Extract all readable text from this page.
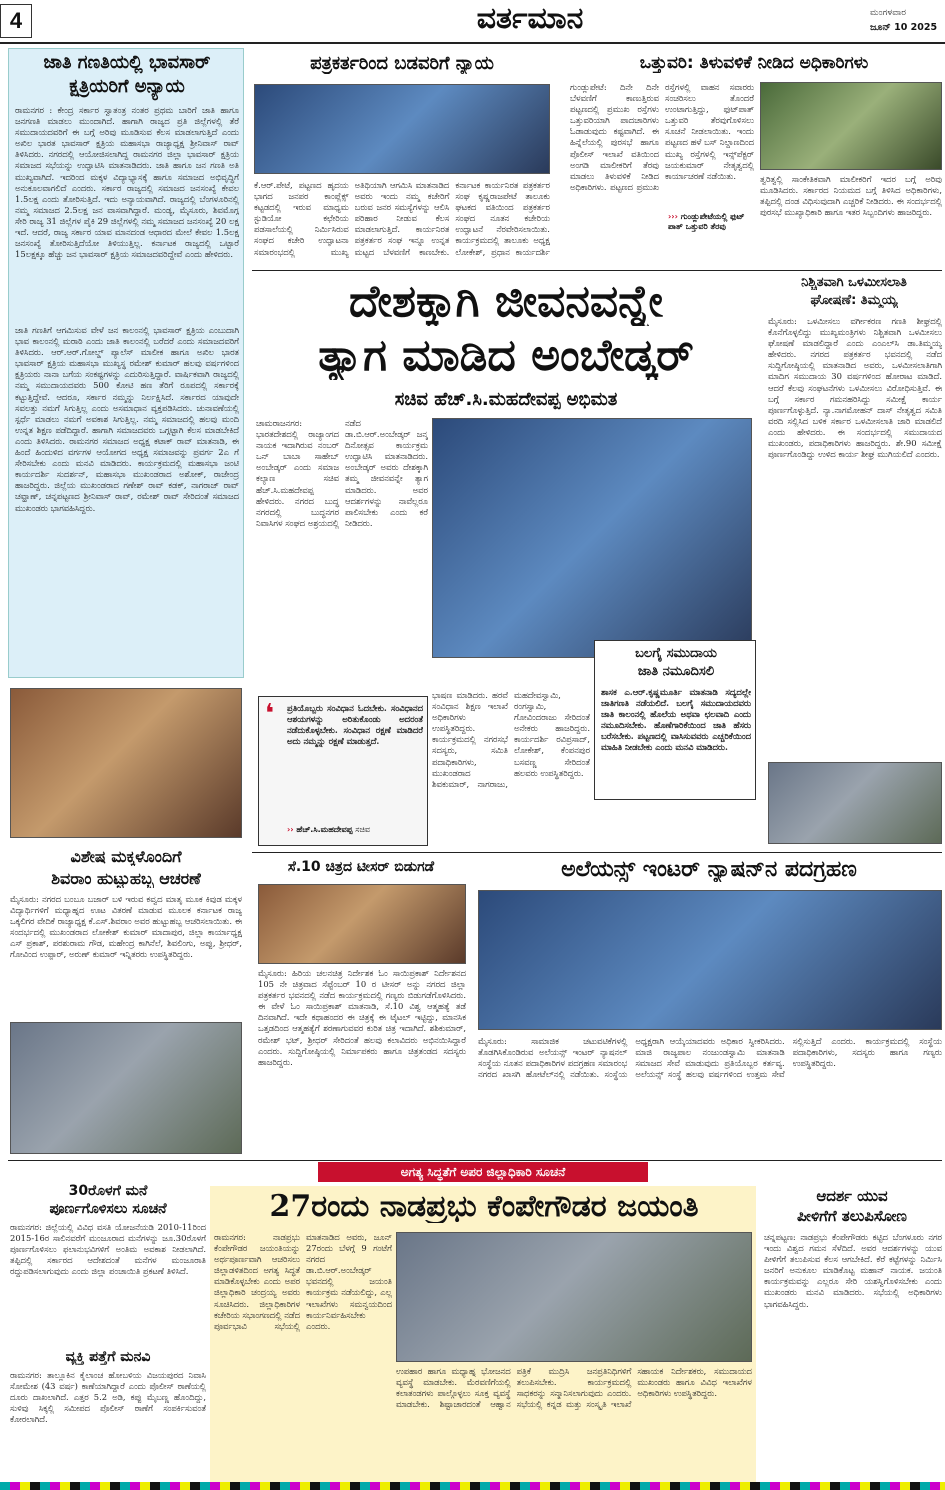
4	ವರ್ತಮಾನ	ಮಂಗಳವಾರ
ಜೂನ್ 10 2025
ಜಾತಿ ಗಣತಿಯಲ್ಲಿ ಭಾವಸಾರ್
ಕ್ಷತ್ರಿಯರಿಗೆ ಅನ್ಯಾಯ
ರಾಮನಗರ : ಕೇಂದ್ರ ಸರ್ಕಾರ ಸ್ವಾತಂತ್ರ ನಂತರ ಪ್ರಥಮ ಬಾರಿಗೆ ಜಾತಿ ಹಾಗೂ ಜನಗಣತಿ ಮಾಡಲು ಮುಂದಾಗಿದೆ. ಹಾಗಾಗಿ ರಾಜ್ಯದ ಪ್ರತಿ ಜಿಲ್ಲೆಗಳಲ್ಲಿ ತೆರೆ ಸಮುದಾಯದವರಿಗೆ ಈ ಬಗ್ಗೆ ಅರಿವು ಮೂಡಿಸುವ ಕೆಲಸ ಮಾಡಲಾಗುತ್ತಿದೆ ಎಂದು ಅಖಿಲ ಭಾರತ ಭಾವಸಾರ್ ಕ್ಷತ್ರಿಯ ಮಹಾಸಭಾ ರಾಜ್ಯಾಧ್ಯಕ್ಷ ಶ್ರೀನಿವಾಸ್ ರಾವ್ ತಿಳಿಸಿದರು. ನಗರದಲ್ಲಿ ಆಯೋಜಿಸಲಾಗಿದ್ದ ರಾಮನಗರ ಜಿಲ್ಲಾ ಭಾವಸಾರ್ ಕ್ಷತ್ರಿಯ ಸಮಾಜದ ಸಭೆಯನ್ನು ಉದ್ಘಾಟಿಸಿ ಮಾತನಾಡಿದರು. ಜಾತಿ ಹಾಗೂ ಜನ ಗಣತಿ ಅತಿ ಮುಖ್ಯವಾಗಿದೆ. ಇದರಿಂದ ಮಕ್ಕಳ ವಿದ್ಯಾಭ್ಯಾಸಕ್ಕೆ ಹಾಗೂ ಸಮಾಜದ ಅಭಿವೃದ್ಧಿಗೆ ಅನುಕೂಲವಾಗಲಿದೆ ಎಂದರು. ಸರ್ಕಾರ ರಾಜ್ಯದಲ್ಲಿ ಸಮಾಜದ ಜನಸಂಖ್ಯೆ ಕೇವಲ 1.5ಲಕ್ಷ ಎಂದು ತೋರಿಸುತ್ತಿದೆ. ಇದು ಅನ್ಯಾಯವಾಗಿದೆ. ರಾಜ್ಯದಲ್ಲಿ ಬೆಂಗಳೂರಿನಲ್ಲಿ ನಮ್ಮ ಸಮಾಜದ 2.5ಲಕ್ಷ ಜನ ವಾಸವಾಗಿದ್ದಾರೆ. ಮಂಡ್ಯ, ಮೈಸೂರು, ಶಿವಮೊಗ್ಗ ಸೇರಿ ರಾಜ್ಯ 31 ಜಿಲ್ಲೆಗಳ ಪೈಕಿ 29 ಜಿಲ್ಲೆಗಳಲ್ಲಿ ನಮ್ಮ ಸಮಾಜದ ಜನಸಂಖ್ಯೆ 20 ಲಕ್ಷ ಇದೆ. ಆದರೆ, ರಾಜ್ಯ ಸರ್ಕಾರ ಯಾವ ಮಾನದಂಡ ಆಧಾರದ ಮೇಲೆ ಕೇವಲ 1.5ಲಕ್ಷ ಜನಸಂಖ್ಯೆ ತೋರಿಸುತ್ತಿದೆಯೋ ತಿಳಿಯುತ್ತಿಲ್ಲ. ಕರ್ನಾಟಕ ರಾಜ್ಯದಲ್ಲಿ ಒಟ್ಟಾರೆ 15ಲಕ್ಷಕ್ಕೂ ಹೆಚ್ಚು ಜನ ಭಾವಸಾರ್ ಕ್ಷತ್ರಿಯ ಸಮಾಜದವರಿದ್ದೇವೆ ಎಂದು ಹೇಳಿದರು.
ಜಾತಿ ಗಣತಿಗೆ ಆಗಮಿಸುವ ವೇಳೆ ಜನ ಕಾಲಂನಲ್ಲಿ ಭಾವಸಾರ್ ಕ್ಷತ್ರಿಯ ಎಂಬುದಾಗಿ ಭಾವ ಕಾಲಂನಲ್ಲಿ ಮರಾಠಿ ಎಂದು ಜಾತಿ ಕಾಲಂನಲ್ಲಿ ಬರೆದರೆ ಎಂದು ಸಮಾಜದವರಿಗೆ ತಿಳಿಸಿದರು. ಆರ್.ಆರ್.ಗೋಲ್ಡ್ ಪ್ಯಾಲೆಸ್ ಮಾಲೀಕ ಹಾಗೂ ಅಖಿಲ ಭಾರತ ಭಾವಸಾರ್ ಕ್ಷತ್ರಿಯ ಮಹಾಸಭಾ ಮುಖ್ಯಸ್ಥ ರಮೇಶ್ ಕುಮಾರ್ ಹಲವು ವರ್ಷಗಳಿಂದ ಕ್ಷತ್ರಿಯರು ನಾನಾ ಬಗೆಯ ಸಂಕಷ್ಟಗಳನ್ನು ಎದುರಿಸುತ್ತಿದ್ದಾರೆ. ವಾರ್ಷಿಕವಾಗಿ ರಾಜ್ಯದಲ್ಲಿ ನಮ್ಮ ಸಮುದಾಯದವರು 500 ಕೋಟಿ ಹಣ ತೆರಿಗೆ ರೂಪದಲ್ಲಿ ಸರ್ಕಾರಕ್ಕೆ ಕಟ್ಟುತ್ತಿದ್ದೇವೆ. ಆದರೂ, ಸರ್ಕಾರ ನಮ್ಮನ್ನು ನಿರ್ಲಕ್ಷಿಸಿದೆ. ಸರ್ಕಾರದ ಯಾವುದೇ ಸವಲತ್ತು ನಮಗೆ ಸಿಗುತ್ತಿಲ್ಲ ಎಂದು ಅಸಮಾಧಾನ ವ್ಯಕ್ತಪಡಿಸಿದರು. ಚುನಾವಣೆಯಲ್ಲಿ ಸ್ಪರ್ಧೆ ಮಾಡಲು ನಮಗೆ ಅವಕಾಶ ಸಿಗುತ್ತಿಲ್ಲ. ನಮ್ಮ ಸಮಾಜದಲ್ಲಿ ಹಲವು ಮಂದಿ ಉನ್ನತ ಶಿಕ್ಷಣ ಪಡೆದಿದ್ದಾರೆ. ಹಾಗಾಗಿ ಸಮಾಜದವರು ಒಗ್ಗಟ್ಟಾಗಿ ಕೆಲಸ ಮಾಡಬೇಕಿದೆ ಎಂದು ತಿಳಿಸಿದರು. ರಾಮನಗರ ಸಮಾಜದ ಅಧ್ಯಕ್ಷ ಕಟಾಕ್ ರಾವ್ ಮಾತನಾಡಿ, ಈ ಹಿಂದೆ ಹಿಂದುಳಿದ ವರ್ಗಗಳ ಆಯೋಗದ ಅಧ್ಯಕ್ಷ ಸಮಾಜವನ್ನು ಪ್ರವರ್ಗ 2ಎ ಗೆ ಸೇರಿಸಬೇಕು ಎಂದು ಮನವಿ ಮಾಡಿದರು. ಕಾರ್ಯಕ್ರಮದಲ್ಲಿ ಮಹಾಸಭಾ ಜಂಟಿ ಕಾರ್ಯದರ್ಶಿ ಸುದರ್ಶನ್, ಮಹಾಸಭಾ ಮುಖಂಡರಾದ ಅಶೋಕ್, ರಾಜೇಂದ್ರ ಹಾಜರಿದ್ದರು. ಜಿಲ್ಲೆಯ ಮುಖಂಡರಾದ ಗಣೇಶ್ ರಾವ್ ಕಡಕ್, ನಾಗರಾಜ್ ರಾವ್ ಚವ್ಹಾಣ್, ಚನ್ನಪಟ್ಟಣದ ಶ್ರೀನಿವಾಸ್ ರಾವ್, ರಮೇಶ್ ರಾವ್ ಸೇರಿದಂತೆ ಸಮಾಜದ ಮುಖಂಡರು ಭಾಗವಹಿಸಿದ್ದರು.
ವಿಶೇಷ ಮಕ್ಕಳೊಂದಿಗೆ
ಶಿವರಾಂ ಹುಟ್ಟುಹಬ್ಬ ಆಚರಣೆ
ಮೈಸೂರು: ನಗರದ ಬಂಬೂ ಬಜಾರ್ ಬಳಿ ಇರುವ ಕವ್ವದ ಮಾತೃ ಮೂಕ ಕಿವುಡ ಮಕ್ಕಳ ವಿದ್ಯಾರ್ಥಿಗಳಿಗೆ ಮಧ್ಯಾಹ್ನದ ಊಟ ವಿತರಣೆ ಮಾಡುವ ಮೂಲಕ ಕರ್ನಾಟಕ ರಾಜ್ಯ ಒಕ್ಕಲಿಗರ ವೇದಿಕೆ ರಾಜ್ಯಾಧ್ಯಕ್ಷ ಕೆ.ಎಸ್.ಶಿವರಾಂ ಅವರ ಹುಟ್ಟುಹಬ್ಬ ಆಚರಿಸಲಾಯಿತು. ಈ ಸಂದರ್ಭದಲ್ಲಿ ಮುಖಂಡರಾದ ಲೋಕೇಶ್ ಕುಮಾರ್ ಮಾದಾಪುರ, ಜಿಲ್ಲಾ ಕಾರ್ಯಾಧ್ಯಕ್ಷ ಎಸ್ ಪ್ರಕಾಶ್, ಪರಶುರಾಮ ಗೌಡ, ಮಹೇಂದ್ರ ಕಾಗಿನೆಲೆ, ಶಿವಲಿಂಗು, ಅಪ್ಪು, ಶ್ರೀಧರ್, ಗೋವಿಂದ ಉಪ್ಪಾರ್, ಅರುಣ್ ಕುಮಾರ್ ಇನ್ನಿತರರು ಉಪಸ್ಥಿತರಿದ್ದರು.
ಪತ್ರಕರ್ತರಿಂದ ಬಡವರಿಗೆ ನ್ಯಾಯ
ಕೆ.ಆರ್.ಪೇಟೆ, ಪಟ್ಟಣದ ಹೃದಯ ಭಾಗದ ಜನಪರ ಕಾಂಪ್ಲೆಕ್ಸ್ ಕಟ್ಟಡದಲ್ಲಿ ಇರುವ ಮಾಧ್ಯಮ ಸ್ಟುಡಿಯೋ ಕಛೇರಿಯ ಪಡಸಾಲೆಯಲ್ಲಿ ನಿರ್ಮಿಸಿರುವ ಸಂಘದ ಕಚೇರಿ ಉದ್ಘಾಟನಾ ಸಮಾರಂಭದಲ್ಲಿ ಮುಖ್ಯ ಅತಿಥಿಯಾಗಿ ಆಗಮಿಸಿ ಮಾತನಾಡಿದ ಅವರು ಇಂದು ನಮ್ಮ ಕಚೇರಿಗೆ ಬರುವ ಜನರ ಸಮಸ್ಯೆಗಳನ್ನು ಆಲಿಸಿ ಪರಿಹಾರ ನೀಡುವ ಕೆಲಸ ಮಾಡಲಾಗುತ್ತಿದೆ. ಕಾರ್ಯನಿರತ ಪತ್ರಕರ್ತರ ಸಂಘ ಇನ್ನೂ ಉನ್ನತ ಮಟ್ಟದ ಬೆಳವಣಿಗೆ ಕಾಣಬೇಕು. ಕರ್ನಾಟಕ ಕಾರ್ಯನಿರತ ಪತ್ರಕರ್ತರ ಸಂಘ ಕೃಷ್ಣರಾಜಪೇಟೆ ತಾಲೂಕು ಘಟಕದ ವತಿಯಿಂದ ಪತ್ರಕರ್ತರ ಸಂಘದ ನೂತನ ಕಚೇರಿಯ ಉದ್ಘಾಟನೆ ನೆರವೇರಿಸಲಾಯಿತು. ಕಾರ್ಯಕ್ರಮದಲ್ಲಿ ತಾಲೂಕು ಅಧ್ಯಕ್ಷ ಲೋಕೇಶ್, ಪ್ರಧಾನ ಕಾರ್ಯದರ್ಶಿ
ಒತ್ತುವರಿ: ತಿಳುವಳಿಕೆ ನೀಡಿದ ಅಧಿಕಾರಿಗಳು
ಗುಂಡ್ಲುಪೇಟೆ: ದಿನೇ ದಿನೇ ಬೆಳವಣಿಗೆ ಕಾಣುತ್ತಿರುವ ಪಟ್ಟಣದಲ್ಲಿ ಪ್ರಮುಖ ರಸ್ತೆಗಳು ಒತ್ತುವರಿಯಾಗಿ ಪಾದಚಾರಿಗಳು ಓಡಾಡುವುದು ಕಷ್ಟವಾಗಿದೆ. ಈ ಹಿನ್ನೆಲೆಯಲ್ಲಿ ಪುರಸಭೆ ಹಾಗೂ ಪೊಲೀಸ್ ಇಲಾಖೆ ವತಿಯಿಂದ ಅಂಗಡಿ ಮಾಲೀಕರಿಗೆ ತೆರವು ಮಾಡಲು ತಿಳುವಳಿಕೆ ನೀಡಿದ ಅಧಿಕಾರಿಗಳು. ಪಟ್ಟಣದ ಪ್ರಮುಖ ರಸ್ತೆಗಳಲ್ಲಿ ವಾಹನ ಸವಾರರು ಸಂಚರಿಸಲು ತೊಂದರೆ ಉಂಟಾಗುತ್ತಿದ್ದು, ಫುಟ್‌ಪಾತ್ ಒತ್ತುವರಿ ತೆರವುಗೊಳಿಸಲು ಸೂಚನೆ ನೀಡಲಾಯಿತು. ಇಂದು ಪಟ್ಟಣದ ಹಳೆ ಬಸ್ ನಿಲ್ದಾಣದಿಂದ ಮುಖ್ಯ ರಸ್ತೆಗಳಲ್ಲಿ ಇನ್ಸ್‌ಪೆಕ್ಟರ್ ಜಯಕುಮಾರ್ ನೇತೃತ್ವದಲ್ಲಿ ಕಾರ್ಯಾಚರಣೆ ನಡೆಯಿತು.	ತ್ವರಿತ್ವಲ್ಲಿ ಸಾಂಕೇತಿಕವಾಗಿ ಮಾಲೀಕರಿಗೆ ಇದರ ಬಗ್ಗೆ ಅರಿವು ಮೂಡಿಸಿದರು. ಸರ್ಕಾರದ ನಿಯಮದ ಬಗ್ಗೆ ತಿಳಿಸಿದ ಅಧಿಕಾರಿಗಳು, ತಪ್ಪಿದಲ್ಲಿ ದಂಡ ವಿಧಿಸುವುದಾಗಿ ಎಚ್ಚರಿಕೆ ನೀಡಿದರು. ಈ ಸಂದರ್ಭದಲ್ಲಿ ಪುರಸಭೆ ಮುಖ್ಯಾಧಿಕಾರಿ ಹಾಗೂ ಇತರ ಸಿಬ್ಬಂದಿಗಳು ಹಾಜರಿದ್ದರು.
››› ಗುಂಡ್ಲುಪೇಟೆಯಲ್ಲಿ ಫುಟ್ ಪಾತ್ ಒತ್ತುವರಿ ತೆರವು
ದೇಶಕ್ಕಾಗಿ ಜೀವನವನ್ನೇ
ತ್ಯಾಗ ಮಾಡಿದ ಅಂಬೇಡ್ಕರ್
ಸಚಿವ ಹೆಚ್.ಸಿ.ಮಹದೇವಪ್ಪ ಅಭಿಮತ
ಚಾಮರಾಜನಗರ: ಭಾರತದೇಶದಲ್ಲಿ ರಾಜ್ಯಾಂಗದ ನಾಯಕ ಇದಾಗಿರುವ ನಂಬರ್ ಒನ್ ಬಾಬಾ ಸಾಹೇಬ್ ಅಂಬೇಡ್ಕರ್ ಎಂದು ಸಮಾಜ ಕಲ್ಯಾಣ ಸಚಿವ ಹೆಚ್.ಸಿ.ಮಹದೇವಪ್ಪ ಹೇಳಿದರು. ನಗರದ ಬುದ್ಧ ನಗರದಲ್ಲಿ ಬುದ್ಧನಗರ ನಿವಾಸಿಗಳ ಸಂಘದ ಅಶ್ರಯದಲ್ಲಿ ನಡೆದ ಡಾ.ಬಿ.ಆರ್.ಅಂಬೇಡ್ಕರ್ ಜನ್ಮ ದಿನೋತ್ಸವ ಕಾರ್ಯಕ್ರಮ ಉದ್ಘಾಟಿಸಿ ಮಾತನಾಡಿದರು. ಅಂಬೇಡ್ಕರ್ ಅವರು ದೇಶಕ್ಕಾಗಿ ತಮ್ಮ ಜೀವನವನ್ನೇ ತ್ಯಾಗ ಮಾಡಿದರು. ಅವರ ಆದರ್ಶಗಳನ್ನು ನಾವೆಲ್ಲರೂ ಪಾಲಿಸಬೇಕು ಎಂದು ಕರೆ ನೀಡಿದರು.
ಬಲಗೈ ಸಮುದಾಯ
ಜಾತಿ ನಮೂದಿಸಲಿ
ಶಾಸಕ ಎ.ಆರ್.ಕೃಷ್ಣಮೂರ್ತಿ ಮಾತನಾಡಿ ಸದ್ಯದಲ್ಲೇ ಜಾತಿಗಣತಿ ನಡೆಯಲಿದೆ. ಬಲಗೈ ಸಮುದಾಯದವರು ಜಾತಿ ಕಾಲಂನಲ್ಲಿ ಹೊಲೆಯ ಅಥವಾ ಛಲವಾದಿ ಎಂದು ನಮೂದಿಸಬೇಕು. ಹೊಣೆಗಾರಿಕೆಯಿಂದ ಜಾತಿ ಹೆಸರು ಬರೆಸಬೇಕು. ಪಟ್ಟಣದಲ್ಲಿ ವಾಸಿಸುವವರು ಎಚ್ಚರಿಕೆಯಿಂದ ಮಾಹಿತಿ ನೀಡಬೇಕು ಎಂದು ಮನವಿ ಮಾಡಿದರು.
❛ ಪ್ರತಿಯೊಬ್ಬರು ಸಂವಿಧಾನ ಓದಬೇಕು. ಸಂವಿಧಾನದ ಆಶಯಗಳನ್ನು ಅರಿತುಕೊಂಡು ಅದರಂತೆ ನಡೆದುಕೊಳ್ಳಬೇಕು. ಸಂವಿಧಾನ ರಕ್ಷಣೆ ಮಾಡಿದರೆ ಅದು ನಮ್ಮನ್ನು ರಕ್ಷಣೆ ಮಾಡುತ್ತದೆ.
›› ಹೆಚ್.ಸಿ.ಮಹದೇವಪ್ಪ ಸಚಿವ
ಭಾಷಣ ಮಾಡಿದರು. ಹರವೆ ಸಂವಿಧಾನ ಶಿಕ್ಷಣ ಇಲಾಖೆ ಅಧಿಕಾರಿಗಳು ಉಪಸ್ಥಿತರಿದ್ದರು. ಕಾರ್ಯಕ್ರಮದಲ್ಲಿ ನಗರಸಭೆ ಸದಸ್ಯರು, ಸಮಿತಿ ಪದಾಧಿಕಾರಿಗಳು, ಮುಖಂಡರಾದ ಶಿವಕುಮಾರ್, ನಾಗರಾಜು, ಮಹದೇವಸ್ವಾಮಿ, ರಂಗಸ್ವಾಮಿ, ಗೋವಿಂದರಾಜು ಸೇರಿದಂತೆ ಅನೇಕರು ಹಾಜರಿದ್ದರು. ಕಾರ್ಯದರ್ಶಿ ರವಿಪ್ರಸಾದ್, ಲೋಕೇಶ್, ಕೆಂಪನಪುರ ಬಸವಣ್ಣ ಸೇರಿದಂತೆ ಹಲವರು ಉಪಸ್ಥಿತರಿದ್ದರು.
ನಿಶ್ಚಿತವಾಗಿ ಒಳಮೀಸಲಾತಿ
ಘೋಷಣೆ: ತಿಮ್ಮಯ್ಯ
ಮೈಸೂರು: ಒಳಮೀಸಲು ವರ್ಗೀಕರಣ ಗಣತಿ ಶೀಘ್ರದಲ್ಲಿ ಕೊನೆಗೊಳ್ಳಲಿದ್ದು ಮುಖ್ಯಮಂತ್ರಿಗಳು ನಿಶ್ಚಿತವಾಗಿ ಒಳಮೀಸಲು ಘೋಷಣೆ ಮಾಡಲಿದ್ದಾರೆ ಎಂದು ಎಂಎಲ್‌ಸಿ ಡಾ.ತಿಮ್ಮಯ್ಯ ಹೇಳಿದರು. ನಗರದ ಪತ್ರಕರ್ತರ ಭವನದಲ್ಲಿ ನಡೆದ ಸುದ್ದಿಗೋಷ್ಠಿಯಲ್ಲಿ ಮಾತನಾಡಿದ ಅವರು, ಒಳಮೀಸಲಾತಿಗಾಗಿ ಮಾದಿಗ ಸಮುದಾಯ 30 ವರ್ಷಗಳಿಂದ ಹೋರಾಟ ಮಾಡಿದೆ. ಆದರೆ ಕೆಲವು ಸಂಘಟನೆಗಳು ಒಳಮೀಸಲು ವಿರೋಧಿಸುತ್ತಿವೆ. ಈ ಬಗ್ಗೆ ಸರ್ಕಾರ ಗಮನಹರಿಸಿದ್ದು ಸಮೀಕ್ಷೆ ಕಾರ್ಯ ಪೂರ್ಣಗೊಳ್ಳುತ್ತಿದೆ. ನ್ಯಾ.ನಾಗಮೋಹನ್ ದಾಸ್ ನೇತೃತ್ವದ ಸಮಿತಿ ವರದಿ ಸಲ್ಲಿಸಿದ ಬಳಿಕ ಸರ್ಕಾರ ಒಳಮೀಸಲಾತಿ ಜಾರಿ ಮಾಡಲಿದೆ ಎಂದು ಹೇಳಿದರು. ಈ ಸಂದರ್ಭದಲ್ಲಿ ಸಮುದಾಯದ ಮುಖಂಡರು, ಪದಾಧಿಕಾರಿಗಳು ಹಾಜರಿದ್ದರು. ಶೇ.90 ಸಮೀಕ್ಷೆ ಪೂರ್ಣಗೊಂಡಿದ್ದು ಉಳಿದ ಕಾರ್ಯ ಶೀಘ್ರ ಮುಗಿಯಲಿದೆ ಎಂದರು.
ಸೆ.10 ಚಿತ್ರದ ಟೀಸರ್ ಬಿಡುಗಡೆ
ಮೈಸೂರು: ಹಿರಿಯ ಚಲನಚಿತ್ರ ನಿರ್ದೇಶಕ ಓಂ ಸಾಯಿಪ್ರಕಾಶ್ ನಿರ್ದೇಶನದ 105 ನೇ ಚಿತ್ರವಾದ ಸೆಪ್ಟೆಂಬರ್ 10 ರ ಟೀಸರ್ ಅನ್ನು ನಗರದ ಜಿಲ್ಲಾ ಪತ್ರಕರ್ತರ ಭವನದಲ್ಲಿ ನಡೆದ ಕಾರ್ಯಕ್ರಮದಲ್ಲಿ ಗಣ್ಯರು ಬಿಡುಗಡೆಗೊಳಿಸಿದರು. ಈ ವೇಳೆ ಓಂ ಸಾಯಿಪ್ರಕಾಶ್ ಮಾತನಾಡಿ, ಸೆ.10 ವಿಶ್ವ ಆತ್ಮಹತ್ಯೆ ತಡೆ ದಿನವಾಗಿದೆ. ಇದೇ ಕಥಾಹಂದರ ಈ ಚಿತ್ರಕ್ಕೆ ಈ ಟೈಟಲ್ ಇಟ್ಟಿದ್ದು, ಮಾನಸಿಕ ಒತ್ತಡದಿಂದ ಆತ್ಮಹತ್ಯೆಗೆ ಶರಣಾಗುವವರ ಕುರಿತ ಚಿತ್ರ ಇದಾಗಿದೆ. ಶಶಿಕುಮಾರ್, ರಮೇಶ್ ಭಟ್, ಶ್ರೀಧರ್ ಸೇರಿದಂತೆ ಹಲವು ಕಲಾವಿದರು ಅಭಿನಯಿಸಿದ್ದಾರೆ ಎಂದರು. ಸುದ್ದಿಗೋಷ್ಠಿಯಲ್ಲಿ ನಿರ್ಮಾಪಕರು ಹಾಗೂ ಚಿತ್ರತಂಡದ ಸದಸ್ಯರು ಹಾಜರಿದ್ದರು.
ಅಲೆಯನ್ಸ್ ಇಂಟರ್ ನ್ಯಾಷನ್‌ನ ಪದಗ್ರಹಣ
ಮೈಸೂರು: ಸಾಮಾಜಿಕ ಚಟುವಟಿಕೆಗಳಲ್ಲಿ ತೊಡಗಿಸಿಕೊಂಡಿರುವ ಅಲೆಯನ್ಸ್ ಇಂಟರ್ ನ್ಯಾಷನಲ್ ಸಂಸ್ಥೆಯ ನೂತನ ಪದಾಧಿಕಾರಿಗಳ ಪದಗ್ರಹಣ ಸಮಾರಂಭ ನಗರದ ಖಾಸಗಿ ಹೋಟೆಲ್‌ನಲ್ಲಿ ನಡೆಯಿತು. ಸಂಸ್ಥೆಯ ಅಧ್ಯಕ್ಷರಾಗಿ ಆಯ್ಕೆಯಾದವರು ಅಧಿಕಾರ ಸ್ವೀಕರಿಸಿದರು. ಮಾಜಿ ರಾಜ್ಯಪಾಲ ನಂಜುಂಡಸ್ವಾಮಿ ಮಾತನಾಡಿ ಸಮಾಜದ ಸೇವೆ ಮಾಡುವುದು ಪ್ರತಿಯೊಬ್ಬರ ಕರ್ತವ್ಯ. ಅಲೆಯನ್ಸ್ ಸಂಸ್ಥೆ ಹಲವು ವರ್ಷಗಳಿಂದ ಉತ್ತಮ ಸೇವೆ ಸಲ್ಲಿಸುತ್ತಿದೆ ಎಂದರು. ಕಾರ್ಯಕ್ರಮದಲ್ಲಿ ಸಂಸ್ಥೆಯ ಪದಾಧಿಕಾರಿಗಳು, ಸದಸ್ಯರು ಹಾಗೂ ಗಣ್ಯರು ಉಪಸ್ಥಿತರಿದ್ದರು.
ಅಗತ್ಯ ಸಿದ್ಧತೆಗೆ ಅಪರ ಜಿಲ್ಲಾಧಿಕಾರಿ ಸೂಚನೆ
30ರೊಳಗೆ ಮನೆ
ಪೂರ್ಣಗೊಳಿಸಲು ಸೂಚನೆ
ರಾಮನಗರ: ಜಿಲ್ಲೆಯಲ್ಲಿ ವಿವಿಧ ವಸತಿ ಯೋಜನೆಯಡಿ 2010-11ರಿಂದ 2015-16ರ ಸಾಲಿನವರೆಗೆ ಮಂಜೂರಾದ ಮನೆಗಳನ್ನು ಜೂ.30ರೊಳಗೆ ಪೂರ್ಣಗೊಳಿಸಲು ಫಲಾನುಭವಿಗಳಿಗೆ ಅಂತಿಮ ಅವಕಾಶ ನೀಡಲಾಗಿದೆ. ತಪ್ಪಿದಲ್ಲಿ ಸರ್ಕಾರದ ಆದೇಶದಂತೆ ಮನೆಗಳ ಮಂಜೂರಾತಿ ರದ್ದುಪಡಿಸಲಾಗುವುದು ಎಂದು ಜಿಲ್ಲಾ ಪಂಚಾಯಿತಿ ಪ್ರಕಟಣೆ ತಿಳಿಸಿದೆ.
ವ್ಯಕ್ತಿ ಪತ್ತೆಗೆ ಮನವಿ
ರಾಮನಗರ: ತಾಲ್ಲೂಕಿನ ಕೈಲಾಂಚ ಹೋಬಳಿಯ ವಿಜಯಪುರದ ನಿವಾಸಿ ಸೋಮೇಶ (43 ವರ್ಷ) ಕಾಣೆಯಾಗಿದ್ದಾರೆ ಎಂದು ಪೊಲೀಸ್ ಠಾಣೆಯಲ್ಲಿ ದೂರು ದಾಖಲಾಗಿದೆ. ಎತ್ತರ 5.2 ಅಡಿ, ಕಪ್ಪು ಮೈಬಣ್ಣ ಹೊಂದಿದ್ದು, ಸುಳಿವು ಸಿಕ್ಕಲ್ಲಿ ಸಮೀಪದ ಪೊಲೀಸ್ ಠಾಣೆಗೆ ಸಂಪರ್ಕಿಸುವಂತೆ ಕೋರಲಾಗಿದೆ.
27ರಂದು ನಾಡಪ್ರಭು ಕೆಂಪೇಗೌಡರ ಜಯಂತಿ
ರಾಮನಗರ: ನಾಡಪ್ರಭು ಕೆಂಪೇಗೌಡರ ಜಯಂತಿಯನ್ನು ಅರ್ಥಪೂರ್ಣವಾಗಿ ಆಚರಿಸಲು ಜಿಲ್ಲಾಡಳಿತದಿಂದ ಅಗತ್ಯ ಸಿದ್ಧತೆ ಮಾಡಿಕೊಳ್ಳಬೇಕು ಎಂದು ಅಪರ ಜಿಲ್ಲಾಧಿಕಾರಿ ಚಂದ್ರಯ್ಯ ಅವರು ಸೂಚಿಸಿದರು. ಜಿಲ್ಲಾಧಿಕಾರಿಗಳ ಕಚೇರಿಯ ಸಭಾಂಗಣದಲ್ಲಿ ನಡೆದ ಪೂರ್ವಭಾವಿ ಸಭೆಯಲ್ಲಿ ಮಾತನಾಡಿದ ಅವರು, ಜೂನ್ 27ರಂದು ಬೆಳಗ್ಗೆ 9 ಗಂಟೆಗೆ ನಗರದ ಡಾ.ಬಿ.ಆರ್.ಅಂಬೇಡ್ಕರ್ ಭವನದಲ್ಲಿ ಜಯಂತಿ ಕಾರ್ಯಕ್ರಮ ನಡೆಯಲಿದ್ದು, ಎಲ್ಲ ಇಲಾಖೆಗಳು ಸಮನ್ವಯದಿಂದ ಕಾರ್ಯನಿರ್ವಹಿಸಬೇಕು ಎಂದರು.
ಉಪಹಾರ ಹಾಗೂ ಮಧ್ಯಾಹ್ನ ಭೋಜನದ ವ್ಯವಸ್ಥೆ ಮಾಡಬೇಕು. ಮೆರವಣಿಗೆಯಲ್ಲಿ ಕಲಾತಂಡಗಳು ಪಾಲ್ಗೊಳ್ಳಲು ಸೂಕ್ತ ವ್ಯವಸ್ಥೆ ಮಾಡಬೇಕು. ಶಿಷ್ಟಾಚಾರದಂತೆ ಆಹ್ವಾನ ಪತ್ರಿಕೆ ಮುದ್ರಿಸಿ ಜನಪ್ರತಿನಿಧಿಗಳಿಗೆ ತಲುಪಿಸಬೇಕು. ಕಾರ್ಯಕ್ರಮದಲ್ಲಿ ಸಾಧಕರನ್ನು ಸನ್ಮಾನಿಸಲಾಗುವುದು ಎಂದರು. ಸಭೆಯಲ್ಲಿ ಕನ್ನಡ ಮತ್ತು ಸಂಸ್ಕೃತಿ ಇಲಾಖೆ ಸಹಾಯಕ ನಿರ್ದೇಶಕರು, ಸಮುದಾಯದ ಮುಖಂಡರು ಹಾಗೂ ವಿವಿಧ ಇಲಾಖೆಗಳ ಅಧಿಕಾರಿಗಳು ಉಪಸ್ಥಿತರಿದ್ದರು.
ಆದರ್ಶ ಯುವ
ಪೀಳಿಗೆಗೆ ತಲುಪಿಸೋಣ
ಚನ್ನಪಟ್ಟಣ: ನಾಡಪ್ರಭು ಕೆಂಪೇಗೌಡರು ಕಟ್ಟಿದ ಬೆಂಗಳೂರು ನಗರ ಇಂದು ವಿಶ್ವದ ಗಮನ ಸೆಳೆದಿದೆ. ಅವರ ಆದರ್ಶಗಳನ್ನು ಯುವ ಪೀಳಿಗೆಗೆ ತಲುಪಿಸುವ ಕೆಲಸ ಆಗಬೇಕಿದೆ. ಕೆರೆ ಕಟ್ಟೆಗಳನ್ನು ನಿರ್ಮಿಸಿ ಜನರಿಗೆ ಅನುಕೂಲ ಮಾಡಿಕೊಟ್ಟ ಮಹಾನ್ ನಾಯಕ. ಜಯಂತಿ ಕಾರ್ಯಕ್ರಮವನ್ನು ಎಲ್ಲರೂ ಸೇರಿ ಯಶಸ್ವಿಗೊಳಿಸಬೇಕು ಎಂದು ಮುಖಂಡರು ಮನವಿ ಮಾಡಿದರು. ಸಭೆಯಲ್ಲಿ ಅಧಿಕಾರಿಗಳು ಭಾಗವಹಿಸಿದ್ದರು.
